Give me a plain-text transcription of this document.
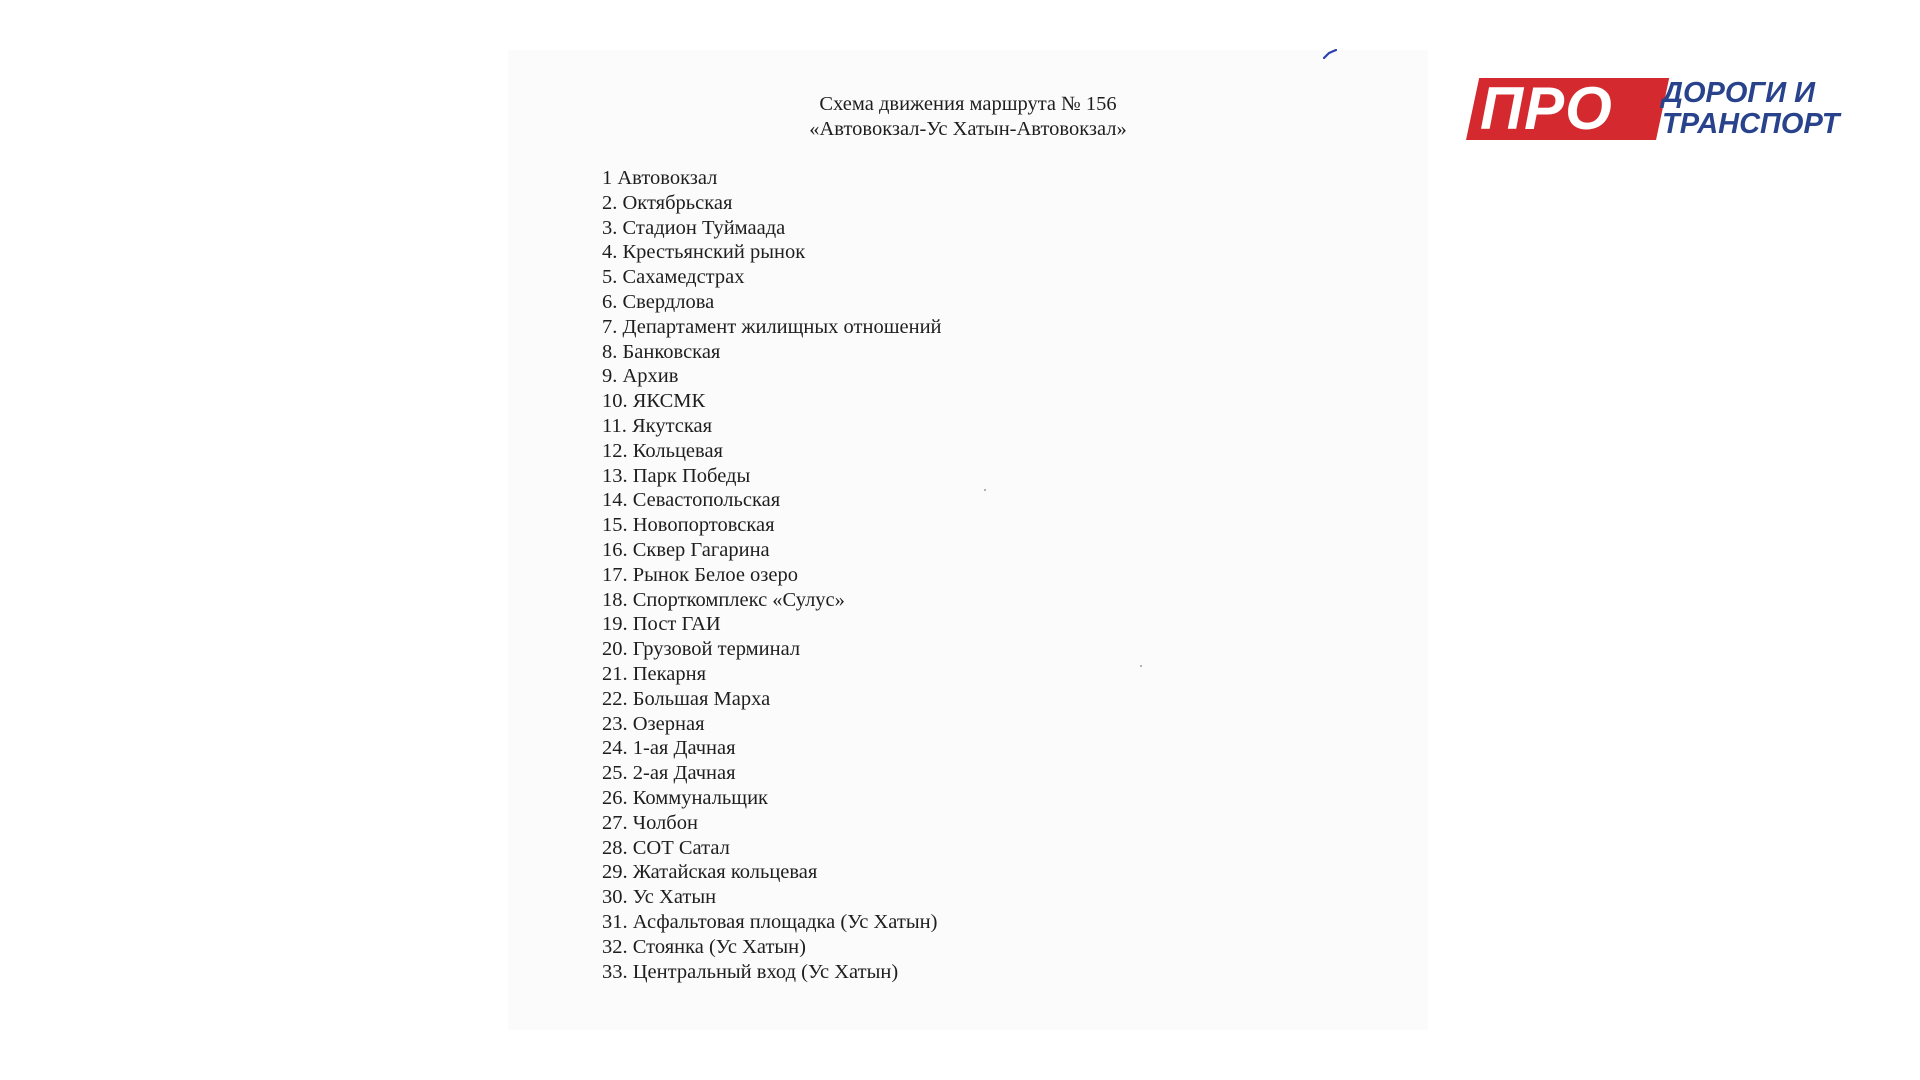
Схема движения маршрута № 156
«Автовокзал-Ус Хатын-Автовокзал»
1 Автовокзал
2. Октябрьская
3. Стадион Туймаада
4. Крестьянский рынок
5. Сахамедстрах
6. Свердлова
7. Департамент жилищных отношений
8. Банковская
9. Архив
10. ЯКСМК
11. Якутская
12. Кольцевая
13. Парк Победы
14. Севастопольская
15. Новопортовская
16. Сквер Гагарина
17. Рынок Белое озеро
18. Спорткомплекс «Сулус»
19. Пост ГАИ
20. Грузовой терминал
21. Пекарня
22. Большая Марха
23. Озерная
24. 1-ая Дачная
25. 2-ая Дачная
26. Коммунальщик
27. Чолбон
28. СОТ Сатал
29. Жатайская кольцевая
30. Ус Хатын
31. Асфальтовая площадка (Ус Хатын)
32. Стоянка (Ус Хатын)
33. Центральный вход (Ус Хатын)
ПРО ДОРОГИ И
ТРАНСПОРТ
